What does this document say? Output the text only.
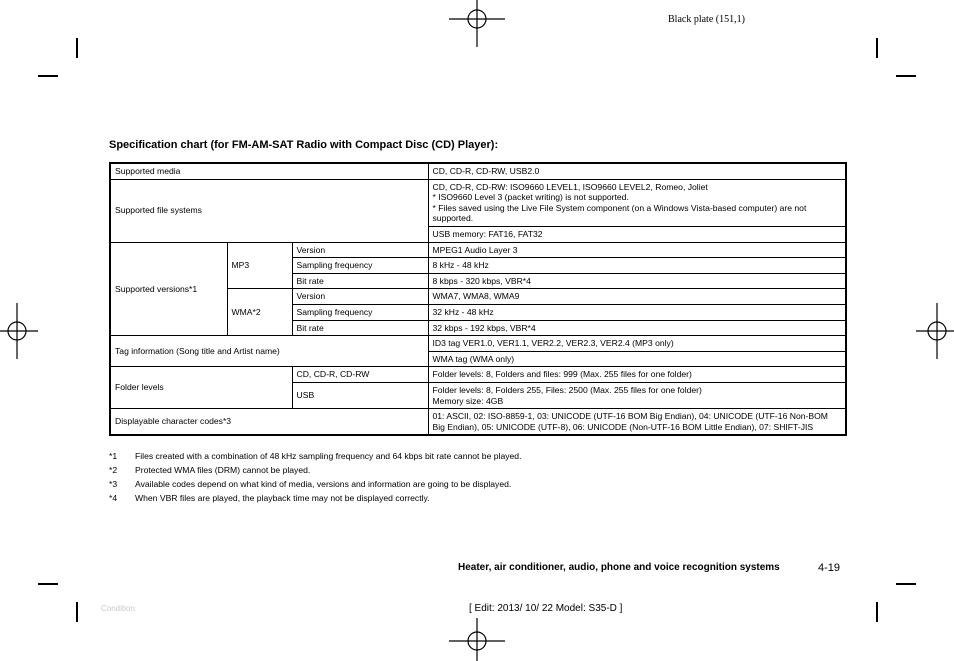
Black plate (151,1)
Specification chart (for FM-AM-SAT Radio with Compact Disc (CD) Player):
Supported media			CD, CD-R, CD-RW, USB2.0
Supported file systems			CD, CD-R, CD-RW: ISO9660 LEVEL1, ISO9660 LEVEL2, Romeo, Joliet
* ISO9660 Level 3 (packet writing) is not supported.
* Files saved using the Live File System component (on a Windows Vista-based computer) are not supported.

			USB memory: FAT16, FAT32
Supported versions*1	MP3	Version	MPEG1 Audio Layer 3
		Sampling frequency	8 kHz - 48 kHz
		Bit rate	8 kbps - 320 kbps, VBR*4
	WMA*2	Version	WMA7, WMA8, WMA9
		Sampling frequency	32 kHz - 48 kHz
		Bit rate	32 kbps - 192 kbps, VBR*4
Tag information (Song title and Artist name)			ID3 tag VER1.0, VER1.1, VER2.2, VER2.3, VER2.4 (MP3 only)
			WMA tag (WMA only)
Folder levels		CD, CD-R, CD-RW	Folder levels: 8, Folders and files: 999 (Max. 255 files for one folder)
		USB	Folder levels: 8, Folders 255, Files: 2500 (Max. 255 files for one folder)
Memory size: 4GB

Displayable character codes*3			01: ASCII, 02: ISO-8859-1, 03: UNICODE (UTF-16 BOM Big Endian), 04: UNICODE (UTF-16 Non-BOM Big Endian), 05: UNICODE (UTF-8), 06: UNICODE (Non-UTF-16 BOM Little Endian), 07: SHIFT-JIS
*1 Files created with a combination of 48 kHz sampling frequency and 64 kbps bit rate cannot be played.
*2 Protected WMA files (DRM) cannot be played.
*3 Available codes depend on what kind of media, versions and information are going to be displayed.
*4 When VBR files are played, the playback time may not be displayed correctly.
Heater, air conditioner, audio, phone and voice recognition systems	4-19
Condition:	[ Edit: 2013/ 10/ 22 Model: S35-D ]
